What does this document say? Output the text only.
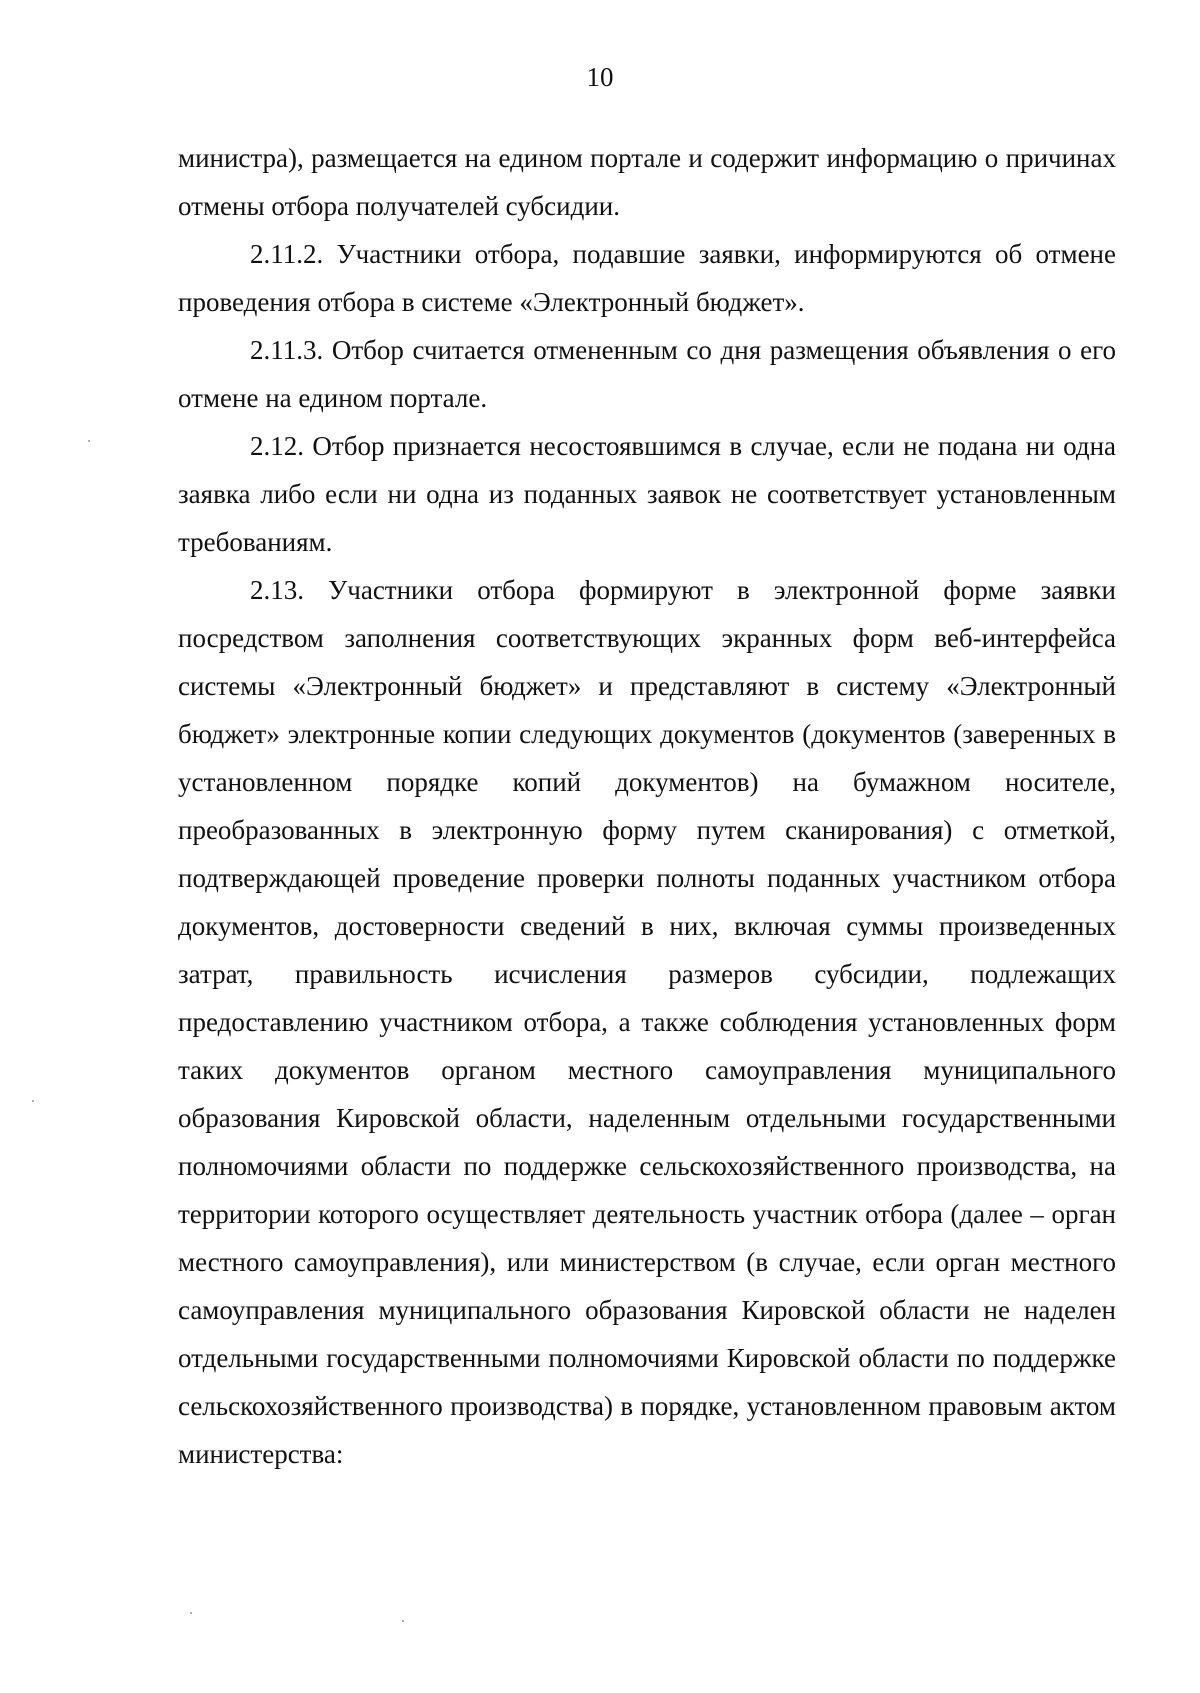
10

министра), размещается на едином портале и содержит информацию о причинах отмены отбора получателей субсидии.

2.11.2. Участники отбора, подавшие заявки, информируются об отмене проведения отбора в системе «Электронный бюджет».

2.11.3. Отбор считается отмененным со дня размещения объявления о его отмене на едином портале.

2.12. Отбор признается несостоявшимся в случае, если не подана ни одна заявка либо если ни одна из поданных заявок не соответствует установленным требованиям.

2.13. Участники отбора формируют в электронной форме заявки посредством заполнения соответствующих экранных форм веб-интерфейса системы «Электронный бюджет» и представляют в систему «Электронный бюджет» электронные копии следующих документов (документов (заверенных в установленном порядке копий документов) на бумажном носителе, преобразованных в электронную форму путем сканирования) с отметкой, подтверждающей проведение проверки полноты поданных участником отбора документов, достоверности сведений в них, включая суммы произведенных затрат, правильность исчисления размеров субсидии, подлежащих предоставлению участником отбора, а также соблюдения установленных форм таких документов органом местного самоуправления муниципального образования Кировской области, наделенным отдельными государственными полномочиями области по поддержке сельскохозяйственного производства, на территории которого осуществляет деятельность участник отбора (далее – орган местного самоуправления), или министерством (в случае, если орган местного самоуправления муниципального образования Кировской области не наделен отдельными государственными полномочиями Кировской области по поддержке сельскохозяйственного производства) в порядке, установленном правовым актом министерства:
